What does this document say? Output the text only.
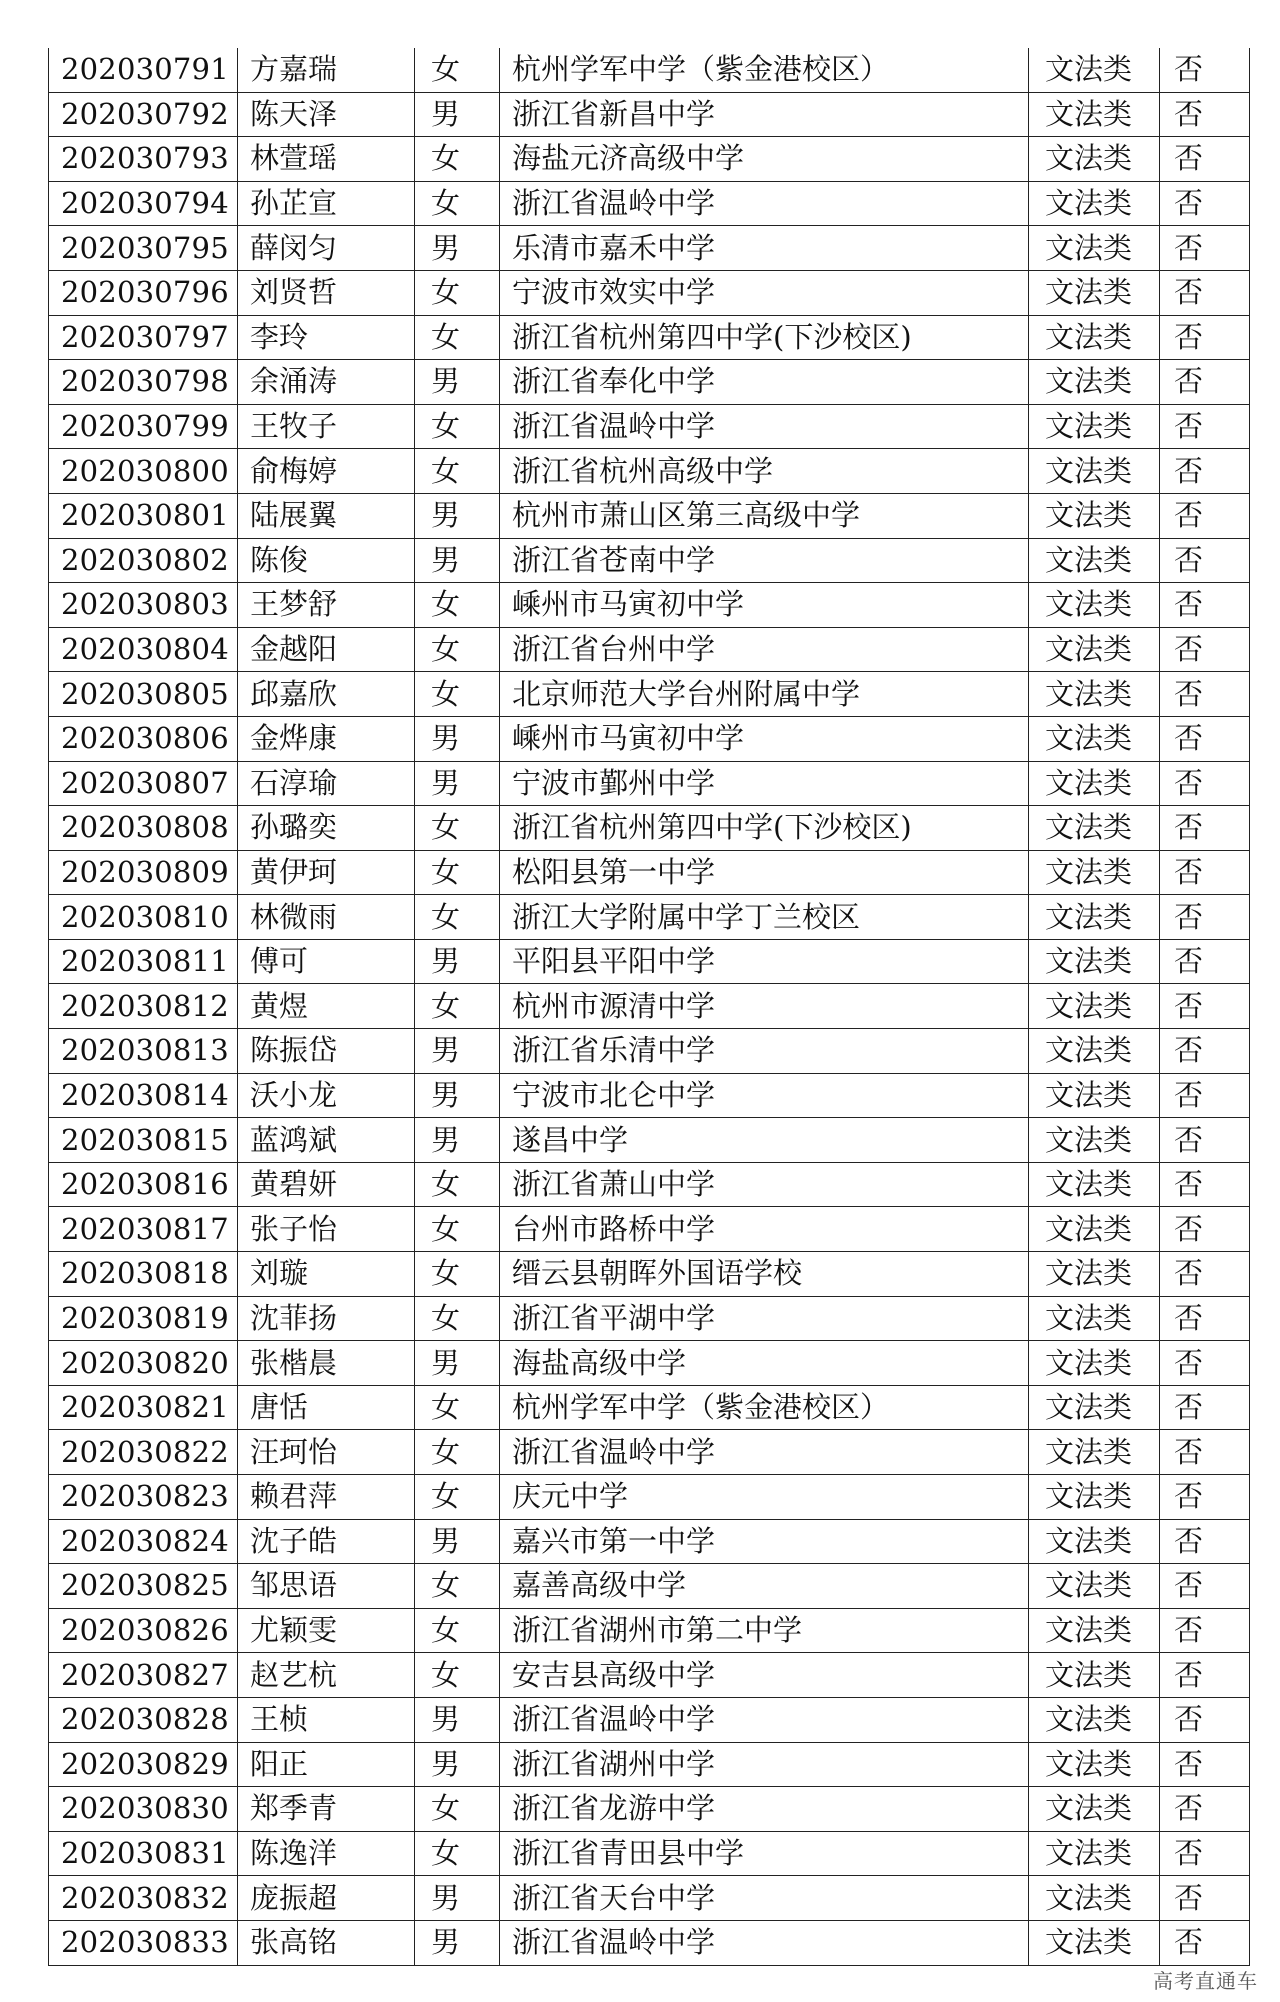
202030791	方嘉瑞	女	杭州学军中学（紫金港校区）	文法类	否
202030792	陈天泽	男	浙江省新昌中学	文法类	否
202030793	林萱瑶	女	海盐元济高级中学	文法类	否
202030794	孙芷宣	女	浙江省温岭中学	文法类	否
202030795	薛闵匀	男	乐清市嘉禾中学	文法类	否
202030796	刘贤哲	女	宁波市效实中学	文法类	否
202030797	李玲	女	浙江省杭州第四中学(下沙校区)	文法类	否
202030798	余涌涛	男	浙江省奉化中学	文法类	否
202030799	王牧子	女	浙江省温岭中学	文法类	否
202030800	俞梅婷	女	浙江省杭州高级中学	文法类	否
202030801	陆展翼	男	杭州市萧山区第三高级中学	文法类	否
202030802	陈俊	男	浙江省苍南中学	文法类	否
202030803	王梦舒	女	嵊州市马寅初中学	文法类	否
202030804	金越阳	女	浙江省台州中学	文法类	否
202030805	邱嘉欣	女	北京师范大学台州附属中学	文法类	否
202030806	金烨康	男	嵊州市马寅初中学	文法类	否
202030807	石淳瑜	男	宁波市鄞州中学	文法类	否
202030808	孙璐奕	女	浙江省杭州第四中学(下沙校区)	文法类	否
202030809	黄伊珂	女	松阳县第一中学	文法类	否
202030810	林微雨	女	浙江大学附属中学丁兰校区	文法类	否
202030811	傅可	男	平阳县平阳中学	文法类	否
202030812	黄煜	女	杭州市源清中学	文法类	否
202030813	陈振岱	男	浙江省乐清中学	文法类	否
202030814	沃小龙	男	宁波市北仑中学	文法类	否
202030815	蓝鸿斌	男	遂昌中学	文法类	否
202030816	黄碧妍	女	浙江省萧山中学	文法类	否
202030817	张子怡	女	台州市路桥中学	文法类	否
202030818	刘璇	女	缙云县朝晖外国语学校	文法类	否
202030819	沈菲扬	女	浙江省平湖中学	文法类	否
202030820	张楷晨	男	海盐高级中学	文法类	否
202030821	唐恬	女	杭州学军中学（紫金港校区）	文法类	否
202030822	汪珂怡	女	浙江省温岭中学	文法类	否
202030823	赖君萍	女	庆元中学	文法类	否
202030824	沈子皓	男	嘉兴市第一中学	文法类	否
202030825	邹思语	女	嘉善高级中学	文法类	否
202030826	尤颖雯	女	浙江省湖州市第二中学	文法类	否
202030827	赵艺杭	女	安吉县高级中学	文法类	否
202030828	王桢	男	浙江省温岭中学	文法类	否
202030829	阳正	男	浙江省湖州中学	文法类	否
202030830	郑季青	女	浙江省龙游中学	文法类	否
202030831	陈逸洋	女	浙江省青田县中学	文法类	否
202030832	庞振超	男	浙江省天台中学	文法类	否
202030833	张高铭	男	浙江省温岭中学	文法类	否
高考直通车
